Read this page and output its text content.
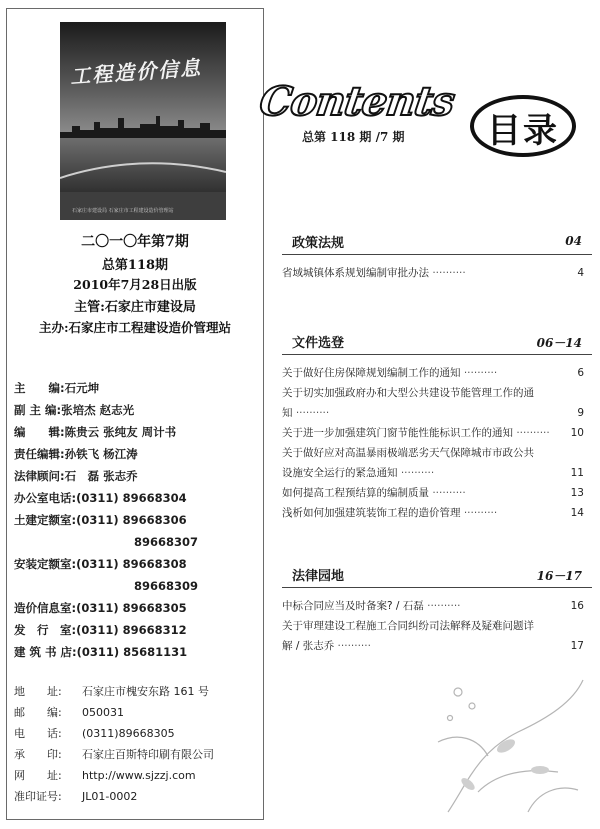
工程造价信息
石家庄市建设局 石家庄市工程建设造价管理站
二〇一〇年第7期
总第118期
2010年7月28日出版
主管:石家庄市建设局
主办:石家庄市工程建设造价管理站
主　　编:石元坤
副 主 编:张培杰 赵志光
编　　辑:陈贵云 张纯友 周计书
责任编辑:孙铁飞 杨江涛
法律顾问:石　磊 张志乔
办公室电话:(0311) 89668304
土建定额室:(0311) 89668306
89668307
安装定额室:(0311) 89668308
89668309
造价信息室:(0311) 89668305
发　行　室:(0311) 89668312
建 筑 书 店:(0311) 85681131
地　　址: 石家庄市槐安东路 161 号
邮　　编: 050031
电　　话: (0311)89668305
承　　印: 石家庄百斯特印刷有限公司
网　　址: http://www.sjzzj.com
准印证号: JL01-0002
Contents
总第 118 期 /7 期	目录
政策法规	04
省域城镇体系规划编制审批办法 ··········	4
文件选登	06－14
关于做好住房保障规划编制工作的通知 ··········	6
关于切实加强政府办和大型公共建设节能管理工作的通
知 ··········	9
关于进一步加强建筑门窗节能性能标识工作的通知 ·········· 10
关于做好应对高温暴雨极端恶劣天气保障城市市政公共
设施安全运行的紧急通知 ··········	11
如何提高工程预结算的编制质量 ··········	13
浅析如何加强建筑装饰工程的造价管理 ··········	14
法律园地	16－17
中标合同应当及时备案? / 石磊 ··········	16
关于审理建设工程施工合同纠纷司法解释及疑难问题详
解 / 张志乔 ··········	17
